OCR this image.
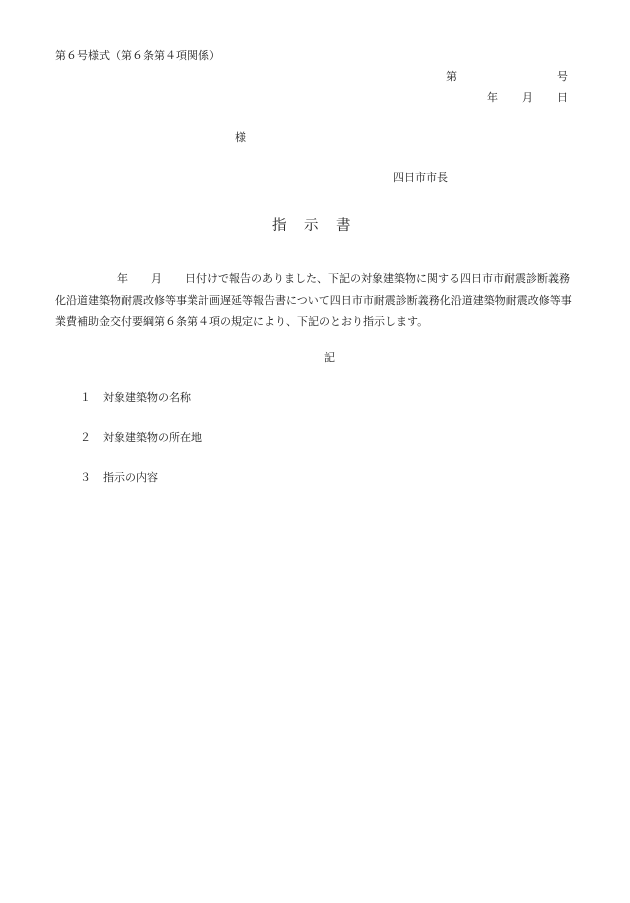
第６号様式（第６条第４項関係）
第	号
年 月 日
様
四日市市長
指 示 書
年 月 日付けで報告のありました、下記の対象建築物に関する四日市市耐震診断義務化沿道建築物耐震改修等事業計画遅延等報告書について四日市市耐震診断義務化沿道建築物耐震改修等事業費補助金交付要綱第６条第４項の規定により、下記のとおり指示します。
記
１ 対象建築物の名称
２ 対象建築物の所在地
３ 指示の内容
